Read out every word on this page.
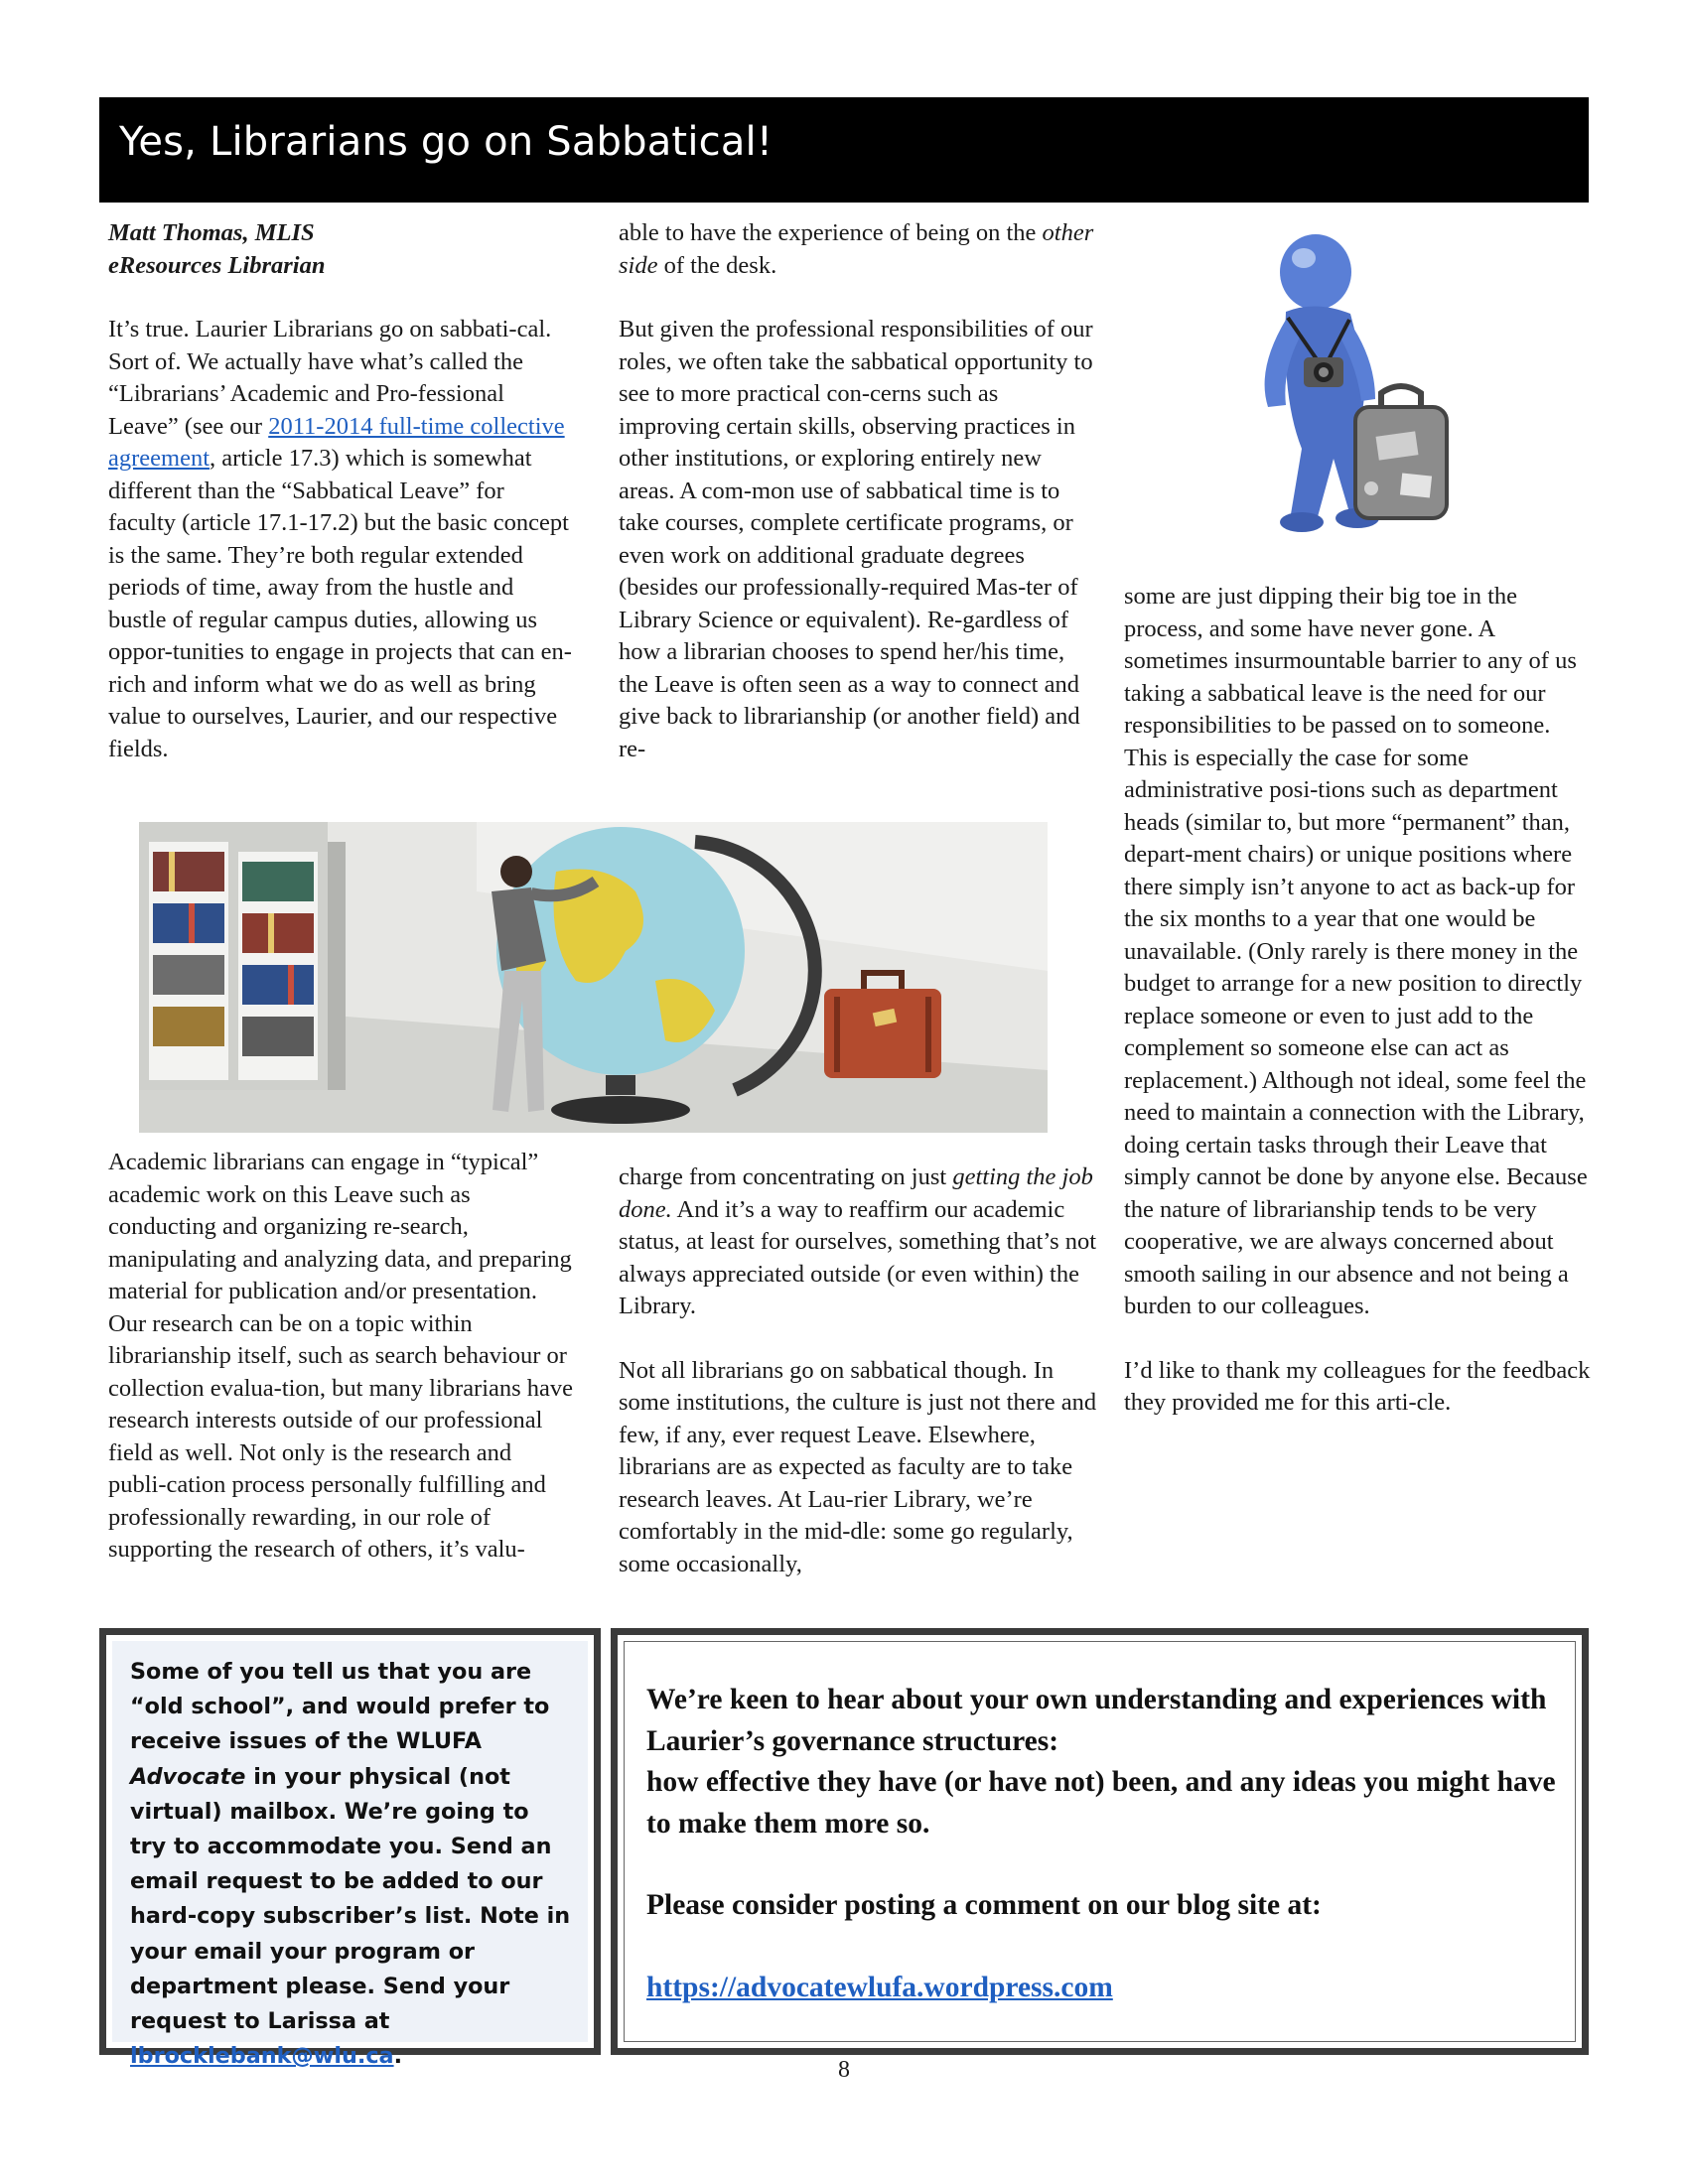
Yes, Librarians go on Sabbatical!

Matt Thomas, MLIS

eResources Librarian

It’s true. Laurier Librarians go on sabbati-cal. Sort of. We actually have what’s called the “Librarians’ Academic and Pro-fessional Leave” (see our 2011-2014 full-time collective agreement, article 17.3) which is somewhat different than the “Sabbatical Leave” for faculty (article 17.1-17.2) but the basic concept is the same. They’re both regular extended periods of time, away from the hustle and bustle of regular campus duties, allowing us oppor-tunities to engage in projects that can en-rich and inform what we do as well as bring value to ourselves, Laurier, and our respective fields.

able to have the experience of being on the other side of the desk.

But given the professional responsibilities of our roles, we often take the sabbatical opportunity to see to more practical con-cerns such as improving certain skills, observing practices in other institutions, or exploring entirely new areas. A com-mon use of sabbatical time is to take courses, complete certificate programs, or even work on additional graduate degrees (besides our professionally-required Mas-ter of Library Science or equivalent). Re-gardless of how a librarian chooses to spend her/his time, the Leave is often seen as a way to connect and give back to librarianship (or another field) and re-

Academic librarians can engage in “typical” academic work on this Leave such as conducting and organizing re-search, manipulating and analyzing data, and preparing material for publication and/or presentation. Our research can be on a topic within librarianship itself, such as search behaviour or collection evalua-tion, but many librarians have research interests outside of our professional field as well. Not only is the research and publi-cation process personally fulfilling and professionally rewarding, in our role of supporting the research of others, it’s valu-

charge from concentrating on just getting the job done. And it’s a way to reaffirm our academic status, at least for ourselves, something that’s not always appreciated outside (or even within) the Library.

Not all librarians go on sabbatical though. In some institutions, the culture is just not there and few, if any, ever request Leave. Elsewhere, librarians are as expected as faculty are to take research leaves. At Lau-rier Library, we’re comfortably in the mid-dle: some go regularly, some occasionally,

some are just dipping their big toe in the process, and some have never gone. A sometimes insurmountable barrier to any of us taking a sabbatical leave is the need for our responsibilities to be passed on to someone. This is especially the case for some administrative posi-tions such as department heads (similar to, but more “permanent” than, depart-ment chairs) or unique positions where there simply isn’t anyone to act as back-up for the six months to a year that one would be unavailable. (Only rarely is there money in the budget to arrange for a new position to directly replace someone or even to just add to the complement so someone else can act as replacement.) Although not ideal, some feel the need to maintain a connection with the Library, doing certain tasks through their Leave that simply cannot be done by anyone else. Because the nature of librarianship tends to be very cooperative, we are always concerned about smooth sailing in our absence and not being a burden to our colleagues.

I’d like to thank my colleagues for the feedback they provided me for this arti-cle.

Some of you tell us that you are “old school”, and would prefer to receive issues of the WLUFA Advocate in your physical (not virtual) mailbox. We’re going to try to accommodate you. Send an email request to be added to our hard-copy subscriber’s list. Note in your email your program or department please. Send your request to Larissa at lbrocklebank@wlu.ca.

We’re keen to hear about your own understanding and experiences with Laurier’s governance structures:

how effective they have (or have not) been, and any ideas you might have to make them more so.

Please consider posting a comment on our blog site at:

https://advocatewlufa.wordpress.com

8
